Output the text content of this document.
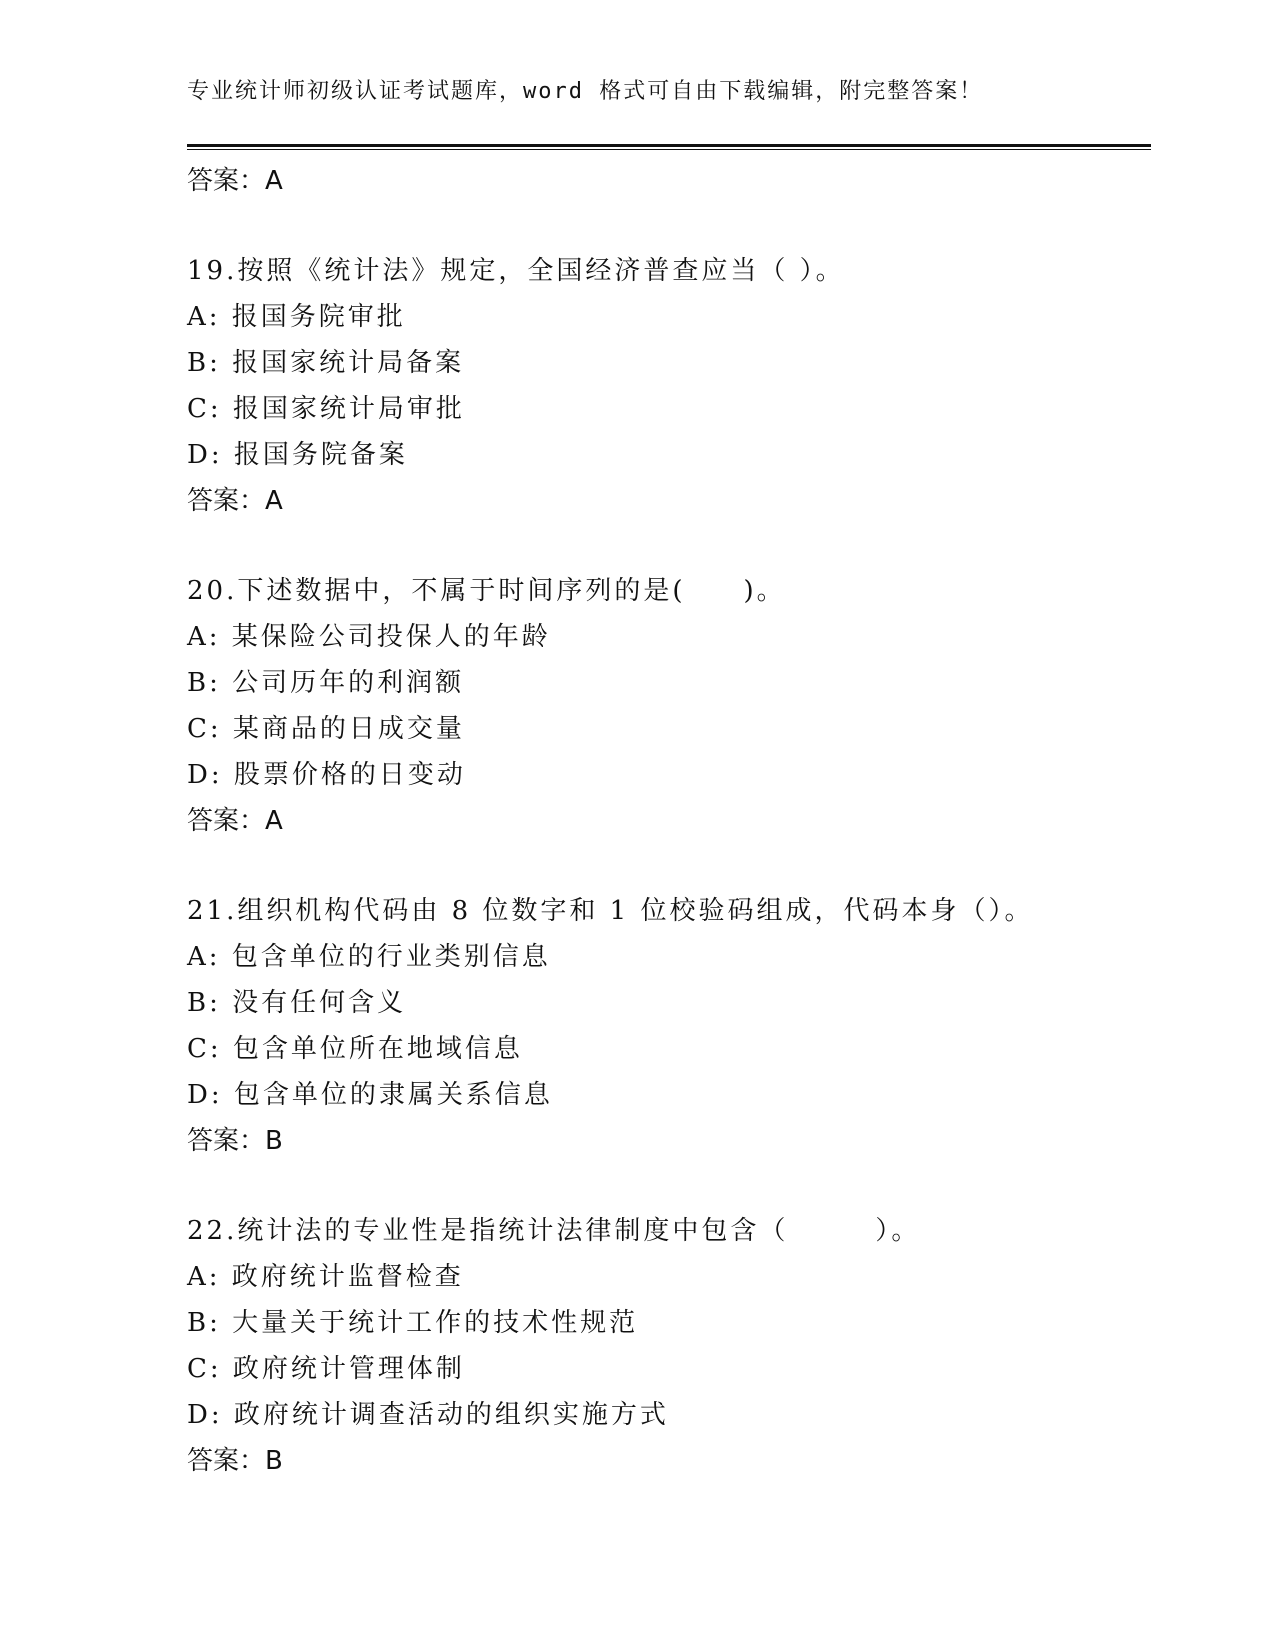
专业统计师初级认证考试题库，word 格式可自由下载编辑，附完整答案！
答案：A
19.按照《统计法》规定，全国经济普查应当（ ）。
A: 报国务院审批
B: 报国家统计局备案
C: 报国家统计局审批
D: 报国务院备案
答案：A
20.下述数据中，不属于时间序列的是(　　)。
A: 某保险公司投保人的年龄
B: 公司历年的利润额
C: 某商品的日成交量
D: 股票价格的日变动
答案：A
21.组织机构代码由 8 位数字和 1 位校验码组成，代码本身（）。
A: 包含单位的行业类别信息
B: 没有任何含义
C: 包含单位所在地域信息
D: 包含单位的隶属关系信息
答案：B
22.统计法的专业性是指统计法律制度中包含（　　　）。
A: 政府统计监督检查
B: 大量关于统计工作的技术性规范
C: 政府统计管理体制
D: 政府统计调查活动的组织实施方式
答案：B
